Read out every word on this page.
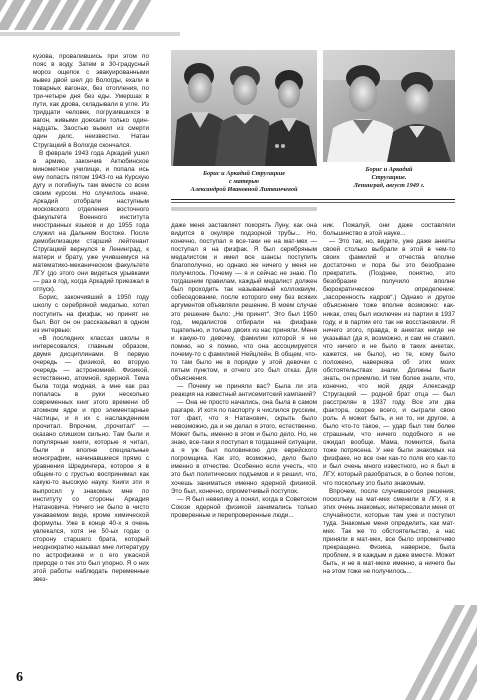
кузова, провалившись при этом по пояс в воду. Затем в 30-градусный мороз ощепок с эвакуированными вывез двой шел до Вологды, ехали в товарных вагонах, без отопления, по три-четыре дня без еды. Умершах в пути, как дрова, складывали в угле. Из тридцати человек, погрузившихся в вагон, живыми доехали только один-надцать. Заостью выжил из смерти один делс, неизвестно. Натан Стругацкий в Вологде скончался.

В феврале 1943 года Аркадий ушел в армию, закончив Актюбинское минометное училище, и попала ись ему попасть пятом 1943-го на Курскую дугу и погибнуть там вместе со всем своим курсом. Но случилось иначе. Аркадий отобрали наступным московского отделения восточного факультета Военного института иностранных языков и до 1955 года служил на Дальнем Востоке. После демобилизации старший лейтенант Стругацкий вернулся в Ленинград, к матери и брату, уже учившемуся на математико-механическом факультете ЛГУ (до этого они видеться урывками — раз в год, когда Аркадий приезжал в отпуск).

Борис, закончивший в 1950 году школу с серебряной медалью, хотел поступить на физфак, но принят не был. Вот он он рассказывал в одном из интервью:

«В последних классах школы я интересовался, главным образом, двумя дисциплинами. В первую очередь — физикой, во вторую очередь — астрономией. Физикой, естественно, атомной, ядерной. Тема была тогда модная, а мне как раз попалась в руки несколько современных книг этого времени об атомном ядре и про элементарные частицы, и я их с наслаждением прочитал. Впрочем, „прочитал“ — сказано слишком сильно. Там были и популярные книги, которые я читал, были и вполне специальные монографии, начинавшиеся прямо с уравнения Шредингера, которое я в общем-то с грустью воспринимал как какую-то высокую науку. Книги эти я выпросил у знакомых мне по институту со стороны Аркадия Натановича. Ничего не было в чисто узнаваемом виде, кроме химической формулы. Уже в конце 40-х я очень увлекался, хотя не 50-ых годах о сторону старшего брата, который неоднократно называл мне литературу по астрофизике и о его ужасной природе о тех это был упорно. Я о них этой работы наблюдать переменные звез-

Борис и Аркадий Стругацкие
с матерью
Александрой Ивановной Литвинчевой
Борис и Аркадий
Стругацкие.
Ленинград, август 1949 г.

даже меня заставляет покорять Луну, как она видится в окуляре подзорной трубы... Но, конечно, поступал я все-таки не на мат-мех — поступал я на физфак. Я был серебряным медалистом и имел все шансы поступить благополучно, но однако же ничего у меня не получилось. Почему — я и сейчас не знаю. По тогдашним правилам, каждый медалист должен был проходить так называемый коллоквиум, собеседование, после которого ему без всяких аргументов объявляли решение. В моем случае это решение было: „Не принят“. Это был 1950 год, медалистов отбирали на физфаке тщательно, и только двоих из нас приняли. Меня и какую-то девочку, фамилии которой я не помню, но я помню, что она ассоциируется почему-то с фамилией Нейцлейн. В общем, что-то там было не в порядке у этой девочки с пятым пунктом, и отчего это был отказ. Для объяснения.

— Почему не приняли вас? Была ли эта реакция на известный антисемитский кампаний?

— Она не просто начались, она была в самом разгаре. И хотя по паспорту я числился русским, тот факт, что я Натанович, скрыть было невозможно, да и не делал я этого, естественно. Может быть, именно в этом и было дело. Но, не знаю, все-таки я поступал в тогдашней ситуации, а я уж был половинкою для еврейского погромщика. Как это, возможно, дело было именно в отчестве. Особенно если учесть, что это был политических подъемов и я решил, что, хочешь заниматься именно ядерной физикой. Это был, конечно, опрометчивый поступок.

— Я был невелику а понял, когда в Советском Союзе ядерной физикой занимались только проверенные и перепроверенные люди...

ник. Пожалуй, они даже составляли большинство в этой науке...

— Это так, но, видите, уже даже анкеты своей столько выбрали в этой в чем-то своих фамилий и отчества вполне достаточно и пора бы это безобразие прекратить. (Позднее, понятно, это безобразие получило вполне бюрократическое определение: „засоренность кадров“.) Однако и другое объяснение тоже вполне возможно: как-никак, отец был исключен из партии в 1937 году, и в партии его так не восстановили. Я ничего этого, правда, в анкетах нигде не указывал (да я, возможно, и сам не ставил, что ничего и не было в таких анкетах, кажется, не было), но те, кому было положено, наверняка об этих моих обстоятельствах знали. Должны были знать, он приемлю. И тем более знали, что, конечно, что мой дядя Александр Стругацкий — родной брат отца — был расстрелян в 1937 году. Все эти два фактора, скорее всего, и сыграли свою роль. А может быть, и ни то, ни другое, а было что-то такое, — удар был тем более страшным, что ничего подобного я не ожидал вообще. Мама, помнится, была тоже потрясена. У нее были знакомых на физфаке, но все они как-то поля его как-то и был очень много известного, но я был в ЛГУ, который разобраться, в о более потом, что поскольку это было знакомым.

Впрочем, после случившегося решения, поскольку на мат-мех сменили в ЛГУ, я в этих очень знакомых, интересовали меня от случайности, которые там уже и поступил туда. Знакомые меня определить, как мат-мех. Так же то обстоятельство, а нас приняли в мат-мех, все было опрометчиво прекращено. Физика, наверное, была проблем, я в каждым и даже вместе. Может быть, и не в мат-мехе именно, а ничего бы на этом тоже не получилось...

6
